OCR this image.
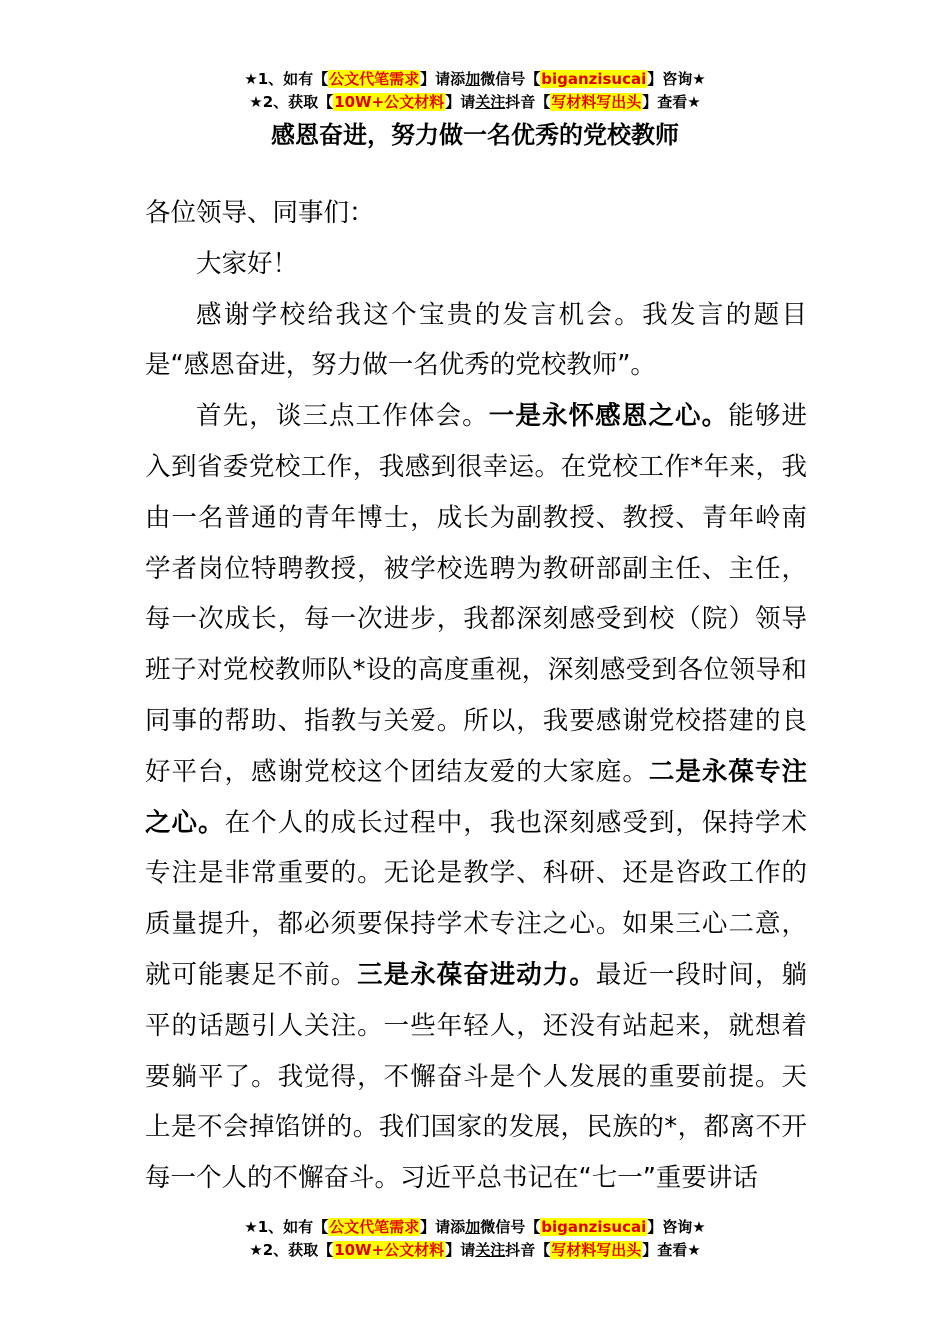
★1、如有【公文代笔需求】请添加微信号【biganzisucai】咨询★
★2、获取【10W+公文材料】请关注抖音【写材料写出头】查看★
感恩奋进，努力做一名优秀的党校教师

各位领导、同事们：

大家好！

感谢学校给我这个宝贵的发言机会。我发言的题目是“感恩奋进，努力做一名优秀的党校教师”。

首先，谈三点工作体会。一是永怀感恩之心。能够进入到省委党校工作，我感到很幸运。在党校工作*年来，我由一名普通的青年博士，成长为副教授、教授、青年岭南学者岗位特聘教授，被学校选聘为教研部副主任、主任，每一次成长，每一次进步，我都深刻感受到校（院）领导班子对党校教师队*设的高度重视，深刻感受到各位领导和同事的帮助、指教与关爱。所以，我要感谢党校搭建的良好平台，感谢党校这个团结友爱的大家庭。二是永葆专注之心。在个人的成长过程中，我也深刻感受到，保持学术专注是非常重要的。无论是教学、科研、还是咨政工作的质量提升，都必须要保持学术专注之心。如果三心二意，就可能裹足不前。三是永葆奋进动力。最近一段时间，躺平的话题引人关注。一些年轻人，还没有站起来，就想着要躺平了。我觉得，不懈奋斗是个人发展的重要前提。天上是不会掉馅饼的。我们国家的发展，民族的*，都离不开每一个人的不懈奋斗。习近平总书记在“七一”重要讲话

★1、如有【公文代笔需求】请添加微信号【biganzisucai】咨询★
★2、获取【10W+公文材料】请关注抖音【写材料写出头】查看★
